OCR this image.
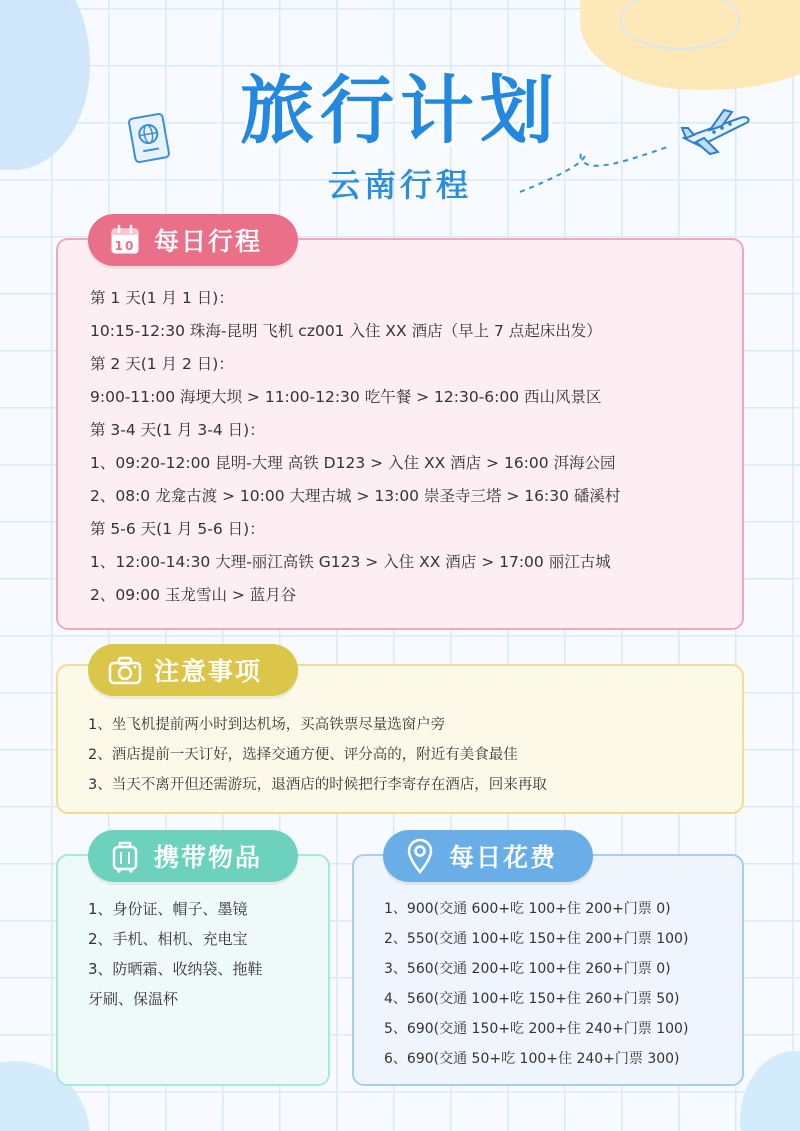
旅行计划
云南行程
10 每日行程
第 1 天(1 月 1 日)：
10:15-12:30 珠海-昆明 飞机 cz001 入住 XX 酒店（早上 7 点起床出发）
第 2 天(1 月 2 日)：
9:00-11:00 海埂大坝 > 11:00-12:30 吃午餐 > 12:30-6:00 西山风景区
第 3-4 天(1 月 3-4 日)：
1、09:20-12:00 昆明-大理 高铁 D123 > 入住 XX 酒店 > 16:00 洱海公园
2、08:0 龙龛古渡 > 10:00 大理古城 > 13:00 崇圣寺三塔 > 16:30 磻溪村
第 5-6 天(1 月 5-6 日)：
1、12:00-14:30 大理-丽江高铁 G123 > 入住 XX 酒店 > 17:00 丽江古城
2、09:00 玉龙雪山 > 蓝月谷
注意事项
1、坐飞机提前两小时到达机场，买高铁票尽量选窗户旁
2、酒店提前一天订好，选择交通方便、评分高的，附近有美食最佳
3、当天不离开但还需游玩，退酒店的时候把行李寄存在酒店，回来再取
携带物品
1、身份证、帽子、墨镜
2、手机、相机、充电宝
3、防晒霜、收纳袋、拖鞋
牙刷、保温杯
每日花费
1、900(交通 600+吃 100+住 200+门票 0)
2、550(交通 100+吃 150+住 200+门票 100)
3、560(交通 200+吃 100+住 260+门票 0)
4、560(交通 100+吃 150+住 260+门票 50)
5、690(交通 150+吃 200+住 240+门票 100)
6、690(交通 50+吃 100+住 240+门票 300)
